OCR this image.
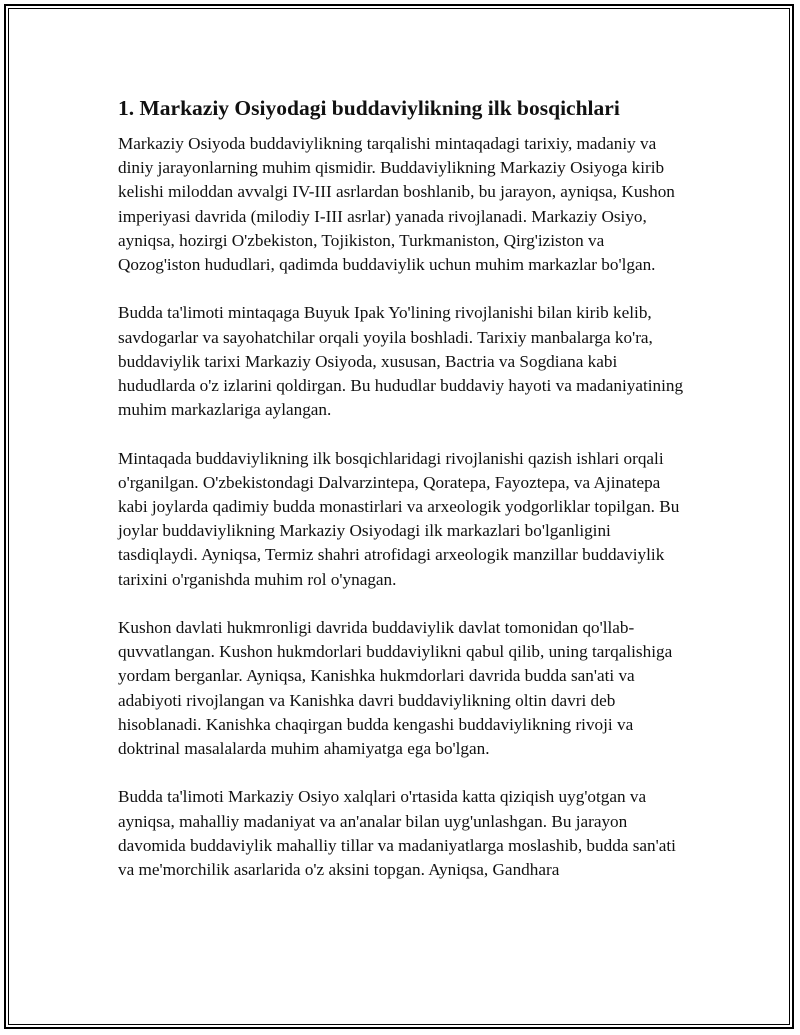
1. Markaziy Osiyodagi buddaviylikning ilk bosqichlari

Markaziy Osiyoda buddaviylikning tarqalishi mintaqadagi tarixiy, madaniy va diniy jarayonlarning muhim qismidir. Buddaviylikning Markaziy Osiyoga kirib kelishi miloddan avvalgi IV-III asrlardan boshlanib, bu jarayon, ayniqsa, Kushon imperiyasi davrida (milodiy I-III asrlar) yanada rivojlanadi. Markaziy Osiyo, ayniqsa, hozirgi O'zbekiston, Tojikiston, Turkmaniston, Qirg'iziston va Qozog'iston hududlari, qadimda buddaviylik uchun muhim markazlar bo'lgan.

Budda ta'limoti mintaqaga Buyuk Ipak Yo'lining rivojlanishi bilan kirib kelib, savdogarlar va sayohatchilar orqali yoyila boshladi. Tarixiy manbalarga ko'ra, buddaviylik tarixi Markaziy Osiyoda, xususan, Bactria va Sogdiana kabi hududlarda o'z izlarini qoldirgan. Bu hududlar buddaviy hayoti va madaniyatining muhim markazlariga aylangan.

Mintaqada buddaviylikning ilk bosqichlaridagi rivojlanishi qazish ishlari orqali o'rganilgan. O'zbekistondagi Dalvarzintepa, Qoratepa, Fayoztepa, va Ajinatepa kabi joylarda qadimiy budda monastirlari va arxeologik yodgorliklar topilgan. Bu joylar buddaviylikning Markaziy Osiyodagi ilk markazlari bo'lganligini tasdiqlaydi. Ayniqsa, Termiz shahri atrofidagi arxeologik manzillar buddaviylik tarixini o'rganishda muhim rol o'ynagan.

Kushon davlati hukmronligi davrida buddaviylik davlat tomonidan qo'llab-quvvatlangan. Kushon hukmdorlari buddaviylikni qabul qilib, uning tarqalishiga yordam berganlar. Ayniqsa, Kanishka hukmdorlari davrida budda san'ati va adabiyoti rivojlangan va Kanishka davri buddaviylikning oltin davri deb hisoblanadi. Kanishka chaqirgan budda kengashi buddaviylikning rivoji va doktrinal masalalarda muhim ahamiyatga ega bo'lgan.

Budda ta'limoti Markaziy Osiyo xalqlari o'rtasida katta qiziqish uyg'otgan va ayniqsa, mahalliy madaniyat va an'analar bilan uyg'unlashgan. Bu jarayon davomida buddaviylik mahalliy tillar va madaniyatlarga moslashib, budda san'ati va me'morchilik asarlarida o'z aksini topgan. Ayniqsa, Gandhara
